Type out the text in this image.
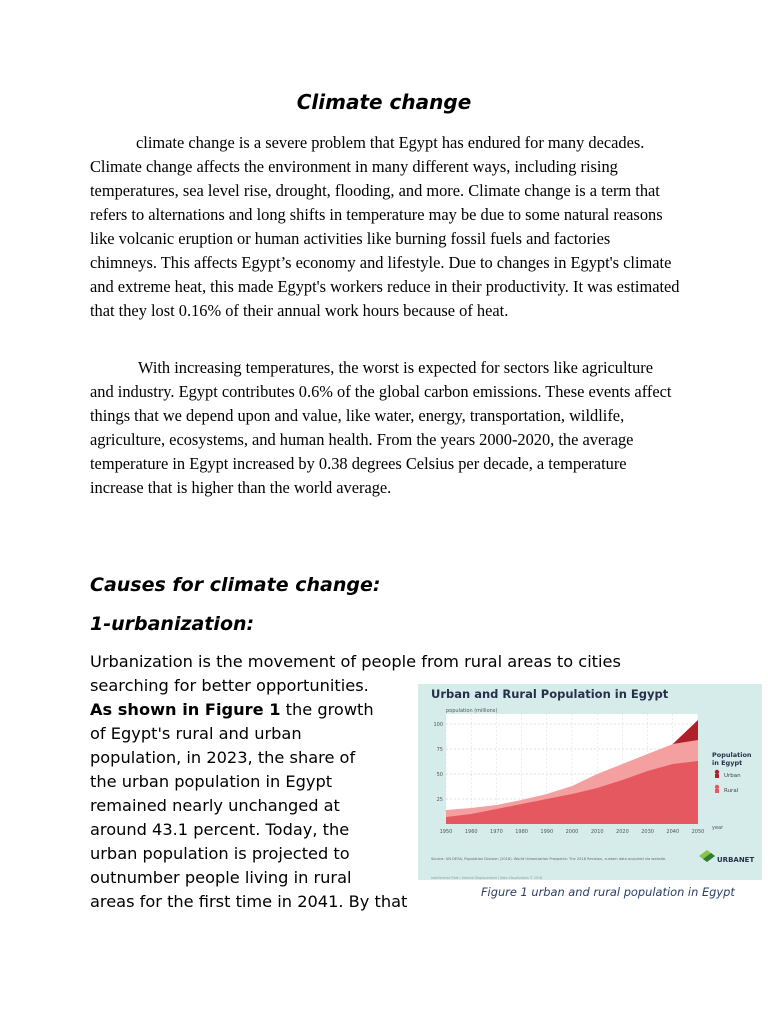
Climate change

climate change is a severe problem that Egypt has endured for many decades. Climate change affects the environment in many different ways, including rising temperatures, sea level rise, drought, flooding, and more. Climate change is a term that refers to alternations and long shifts in temperature may be due to some natural reasons like volcanic eruption or human activities like burning fossil fuels and factories chimneys. This affects Egypt’s economy and lifestyle. Due to changes in Egypt's climate and extreme heat, this made Egypt's workers reduce in their productivity. It was estimated that they lost 0.16% of their annual work hours because of heat.

With increasing temperatures, the worst is expected for sectors like agriculture and industry. Egypt contributes 0.6% of the global carbon emissions. These events affect things that we depend upon and value, like water, energy, transportation, wildlife, agriculture, ecosystems, and human health. From the years 2000-2020, the average temperature in Egypt increased by 0.38 degrees Celsius per decade, a temperature increase that is higher than the world average.

Causes for climate change:
1-urbanization:

Urbanization is the movement of people from rural areas to cities

searching for better opportunities.
As shown in Figure 1 the growth
of Egypt's rural and urban
population, in 2023, the share of
the urban population in Egypt
remained nearly unchanged at
around 43.1 percent. Today, the
urban population is projected to
outnumber people living in rural
areas for the first time in 2041. By that

100
75
50
25
1950 1960 1970 1980 1990 2000 2010 2020 2030 2040 2050
population (millions)
year
Population
in Egypt
Urban
Rural
Source: UN DESA, Population Division (2018). World Urbanization Prospects: The 2018 Revision, custom data acquired via website.
Interference Ride / Internal Displacement / Data Visualization © 2018
URBANET

Urban and Rural Population in Egypt

Figure 1 urban and rural population in Egypt
